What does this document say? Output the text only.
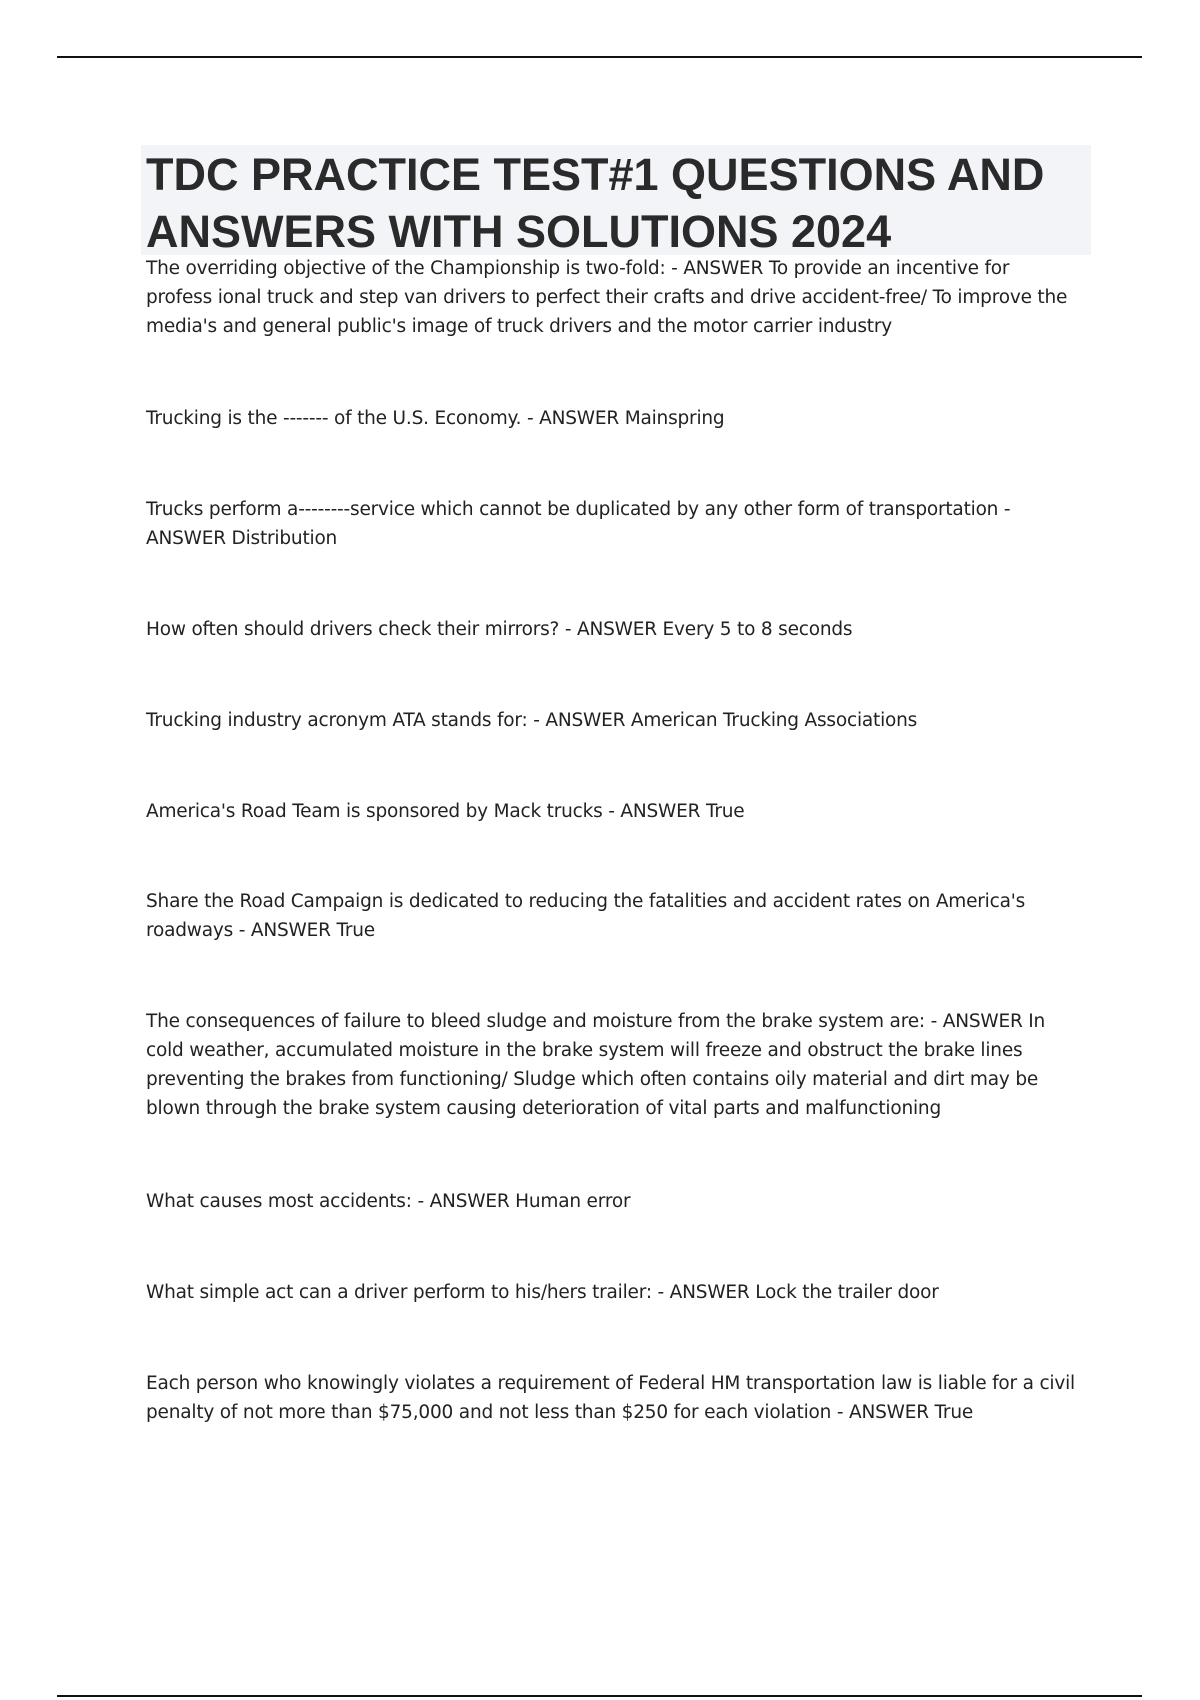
TDC PRACTICE TEST#1 QUESTIONS AND ANSWERS WITH SOLUTIONS 2024

The overriding objective of the Championship is two-fold: - ANSWER To provide an incentive for profess ional truck and step van drivers to perfect their crafts and drive accident-free/ To improve the media's and general public's image of truck drivers and the motor carrier industry

Trucking is the ------- of the U.S. Economy. - ANSWER Mainspring

Trucks perform a--------service which cannot be duplicated by any other form of transportation - ANSWER Distribution

How often should drivers check their mirrors? - ANSWER Every 5 to 8 seconds

Trucking industry acronym ATA stands for: - ANSWER American Trucking Associations

America's Road Team is sponsored by Mack trucks - ANSWER True

Share the Road Campaign is dedicated to reducing the fatalities and accident rates on America's roadways - ANSWER True

The consequences of failure to bleed sludge and moisture from the brake system are: - ANSWER In cold weather, accumulated moisture in the brake system will freeze and obstruct the brake lines preventing the brakes from functioning/ Sludge which often contains oily material and dirt may be blown through the brake system causing deterioration of vital parts and malfunctioning

What causes most accidents: - ANSWER Human error

What simple act can a driver perform to his/hers trailer: - ANSWER Lock the trailer door

Each person who knowingly violates a requirement of Federal HM transportation law is liable for a civil penalty of not more than $75,000 and not less than $250 for each violation - ANSWER True
